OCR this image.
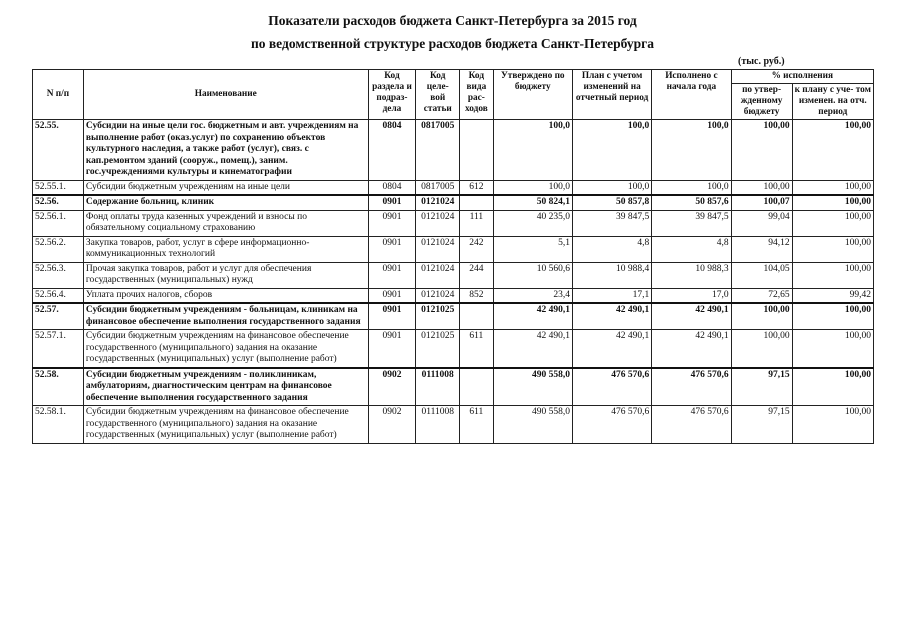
Показатели расходов бюджета Санкт-Петербурга за 2015 год
по ведомственной структуре расходов бюджета Санкт-Петербурга
(тыс. руб.)
N п/п	Наименование	Код раздела и подраз- дела	Код целе- вой статьи	Код вида рас- ходов	Утверждено по бюджету	План с учетом изменений на отчетный период	Исполнено с начала года	% исполнения	
								по утвер- жденному бюджету	к плану с уче- том изменен. на отч. период
52.55.	Субсидии на иные цели гос. бюджетным и авт. учреждениям на выполнение работ (оказ.услуг) по сохранению объектов культурного наследия, а также работ (услуг), связ. с кап.ремонтом зданий (сооруж., помещ.), заним. гос.учреждениями культуры и кинематографии	0804	0817005		100,0	100,0	100,0	100,00	100,00
52.55.1.	Субсидии бюджетным учреждениям на иные цели	0804	0817005	612	100,0	100,0	100,0	100,00	100,00
52.56.	Содержание больниц, клиник	0901	0121024		50 824,1	50 857,8	50 857,6	100,07	100,00
52.56.1.	Фонд оплаты труда казенных учреждений и взносы по обязательному социальному страхованию	0901	0121024	111	40 235,0	39 847,5	39 847,5	99,04	100,00
52.56.2.	Закупка товаров, работ, услуг в сфере информационно-коммуникационных технологий	0901	0121024	242	5,1	4,8	4,8	94,12	100,00
52.56.3.	Прочая закупка товаров, работ и услуг для обеспечения государственных (муниципальных) нужд	0901	0121024	244	10 560,6	10 988,4	10 988,3	104,05	100,00
52.56.4.	Уплата прочих налогов, сборов	0901	0121024	852	23,4	17,1	17,0	72,65	99,42
52.57.	Субсидии бюджетным учреждениям - больницам, клиникам на финансовое обеспечение выполнения государственного задания	0901	0121025		42 490,1	42 490,1	42 490,1	100,00	100,00
52.57.1.	Субсидии бюджетным учреждениям на финансовое обеспечение государственного (муниципального) задания на оказание государственных (муниципальных) услуг (выполнение работ)	0901	0121025	611	42 490,1	42 490,1	42 490,1	100,00	100,00
52.58.	Субсидии бюджетным учреждениям - поликлиникам, амбулаториям, диагностическим центрам на финансовое обеспечение выполнения государственного задания	0902	0111008		490 558,0	476 570,6	476 570,6	97,15	100,00
52.58.1.	Субсидии бюджетным учреждениям на финансовое обеспечение государственного (муниципального) задания на оказание государственных (муниципальных) услуг (выполнение работ)	0902	0111008	611	490 558,0	476 570,6	476 570,6	97,15	100,00
